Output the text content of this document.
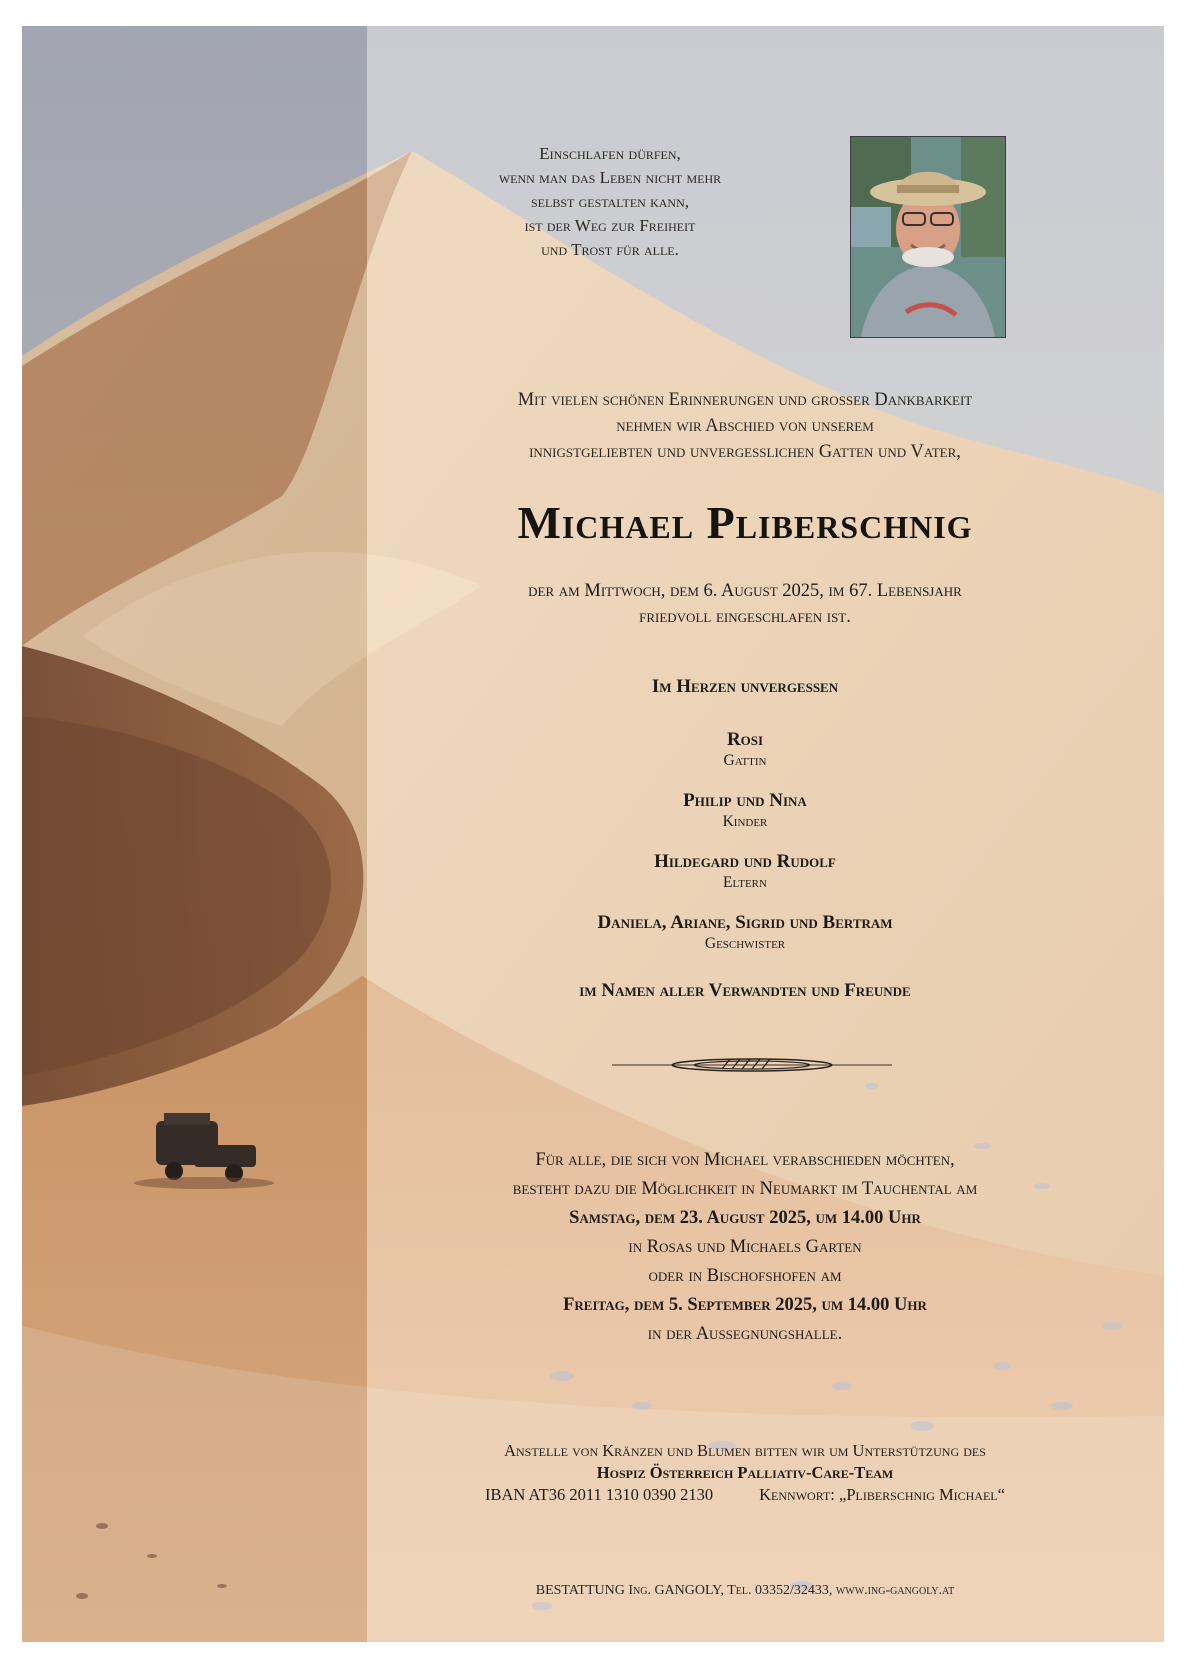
Einschlafen dürfen,
wenn man das Leben nicht mehr
selbst gestalten kann,
ist der Weg zur Freiheit
und Trost für alle.
Mit vielen schönen Erinnerungen und großer Dankbarkeit
nehmen wir Abschied von unserem
innigstgeliebten und unvergesslichen Gatten und Vater,
Michael Pliberschnig
der am Mittwoch, dem 6. August 2025, im 67. Lebensjahr
friedvoll eingeschlafen ist.
Im Herzen unvergessen
Rosi
Gattin
Philip und Nina
Kinder
Hildegard und Rudolf
Eltern
Daniela, Ariane, Sigrid und Bertram
Geschwister
im Namen aller Verwandten und Freunde
Für alle, die sich von Michael verabschieden möchten,
besteht dazu die Möglichkeit in Neumarkt im Tauchental am
Samstag, dem 23. August 2025, um 14.00 Uhr
in Rosas und Michaels Garten
oder in Bischofshofen am
Freitag, dem 5. September 2025, um 14.00 Uhr
in der Aussegnungshalle.
Anstelle von Kränzen und Blumen bitten wir um Unterstützung des
Hospiz Österreich Palliativ-Care-Team
IBAN AT36 2011 1310 0390 2130	Kennwort: „Pliberschnig Michael“
BESTATTUNG Ing. GANGOLY, Tel. 03352/32433, www.ing-gangoly.at
